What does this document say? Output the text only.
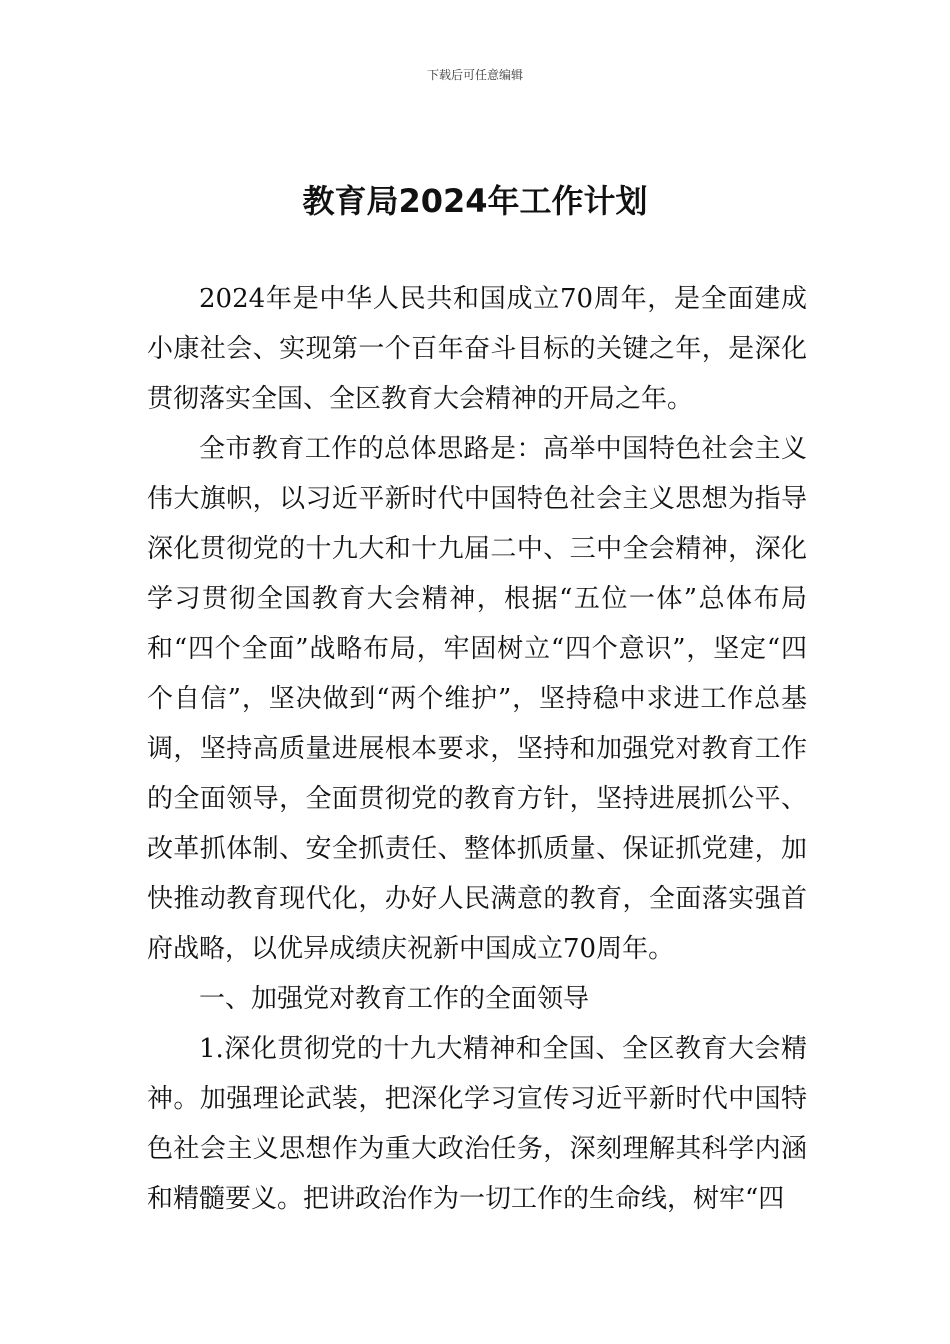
下载后可任意编辑
教育局2024年工作计划

2024年是中华人民共和国成立70周年，是全面建成小康社会、实现第一个百年奋斗目标的关键之年，是深化贯彻落实全国、全区教育大会精神的开局之年。

全市教育工作的总体思路是：高举中国特色社会主义伟大旗帜，以习近平新时代中国特色社会主义思想为指导深化贯彻党的十九大和十九届二中、三中全会精神，深化学习贯彻全国教育大会精神，根据“五位一体”总体布局和“四个全面”战略布局，牢固树立“四个意识”，坚定“四个自信”，坚决做到“两个维护”，坚持稳中求进工作总基调，坚持高质量进展根本要求，坚持和加强党对教育工作的全面领导，全面贯彻党的教育方针，坚持进展抓公平、改革抓体制、安全抓责任、整体抓质量、保证抓党建，加快推动教育现代化，办好人民满意的教育，全面落实强首府战略，以优异成绩庆祝新中国成立70周年。

一、加强党对教育工作的全面领导

1.深化贯彻党的十九大精神和全国、全区教育大会精神。加强理论武装，把深化学习宣传习近平新时代中国特色社会主义思想作为重大政治任务，深刻理解其科学内涵和精髓要义。把讲政治作为一切工作的生命线，树牢“四
